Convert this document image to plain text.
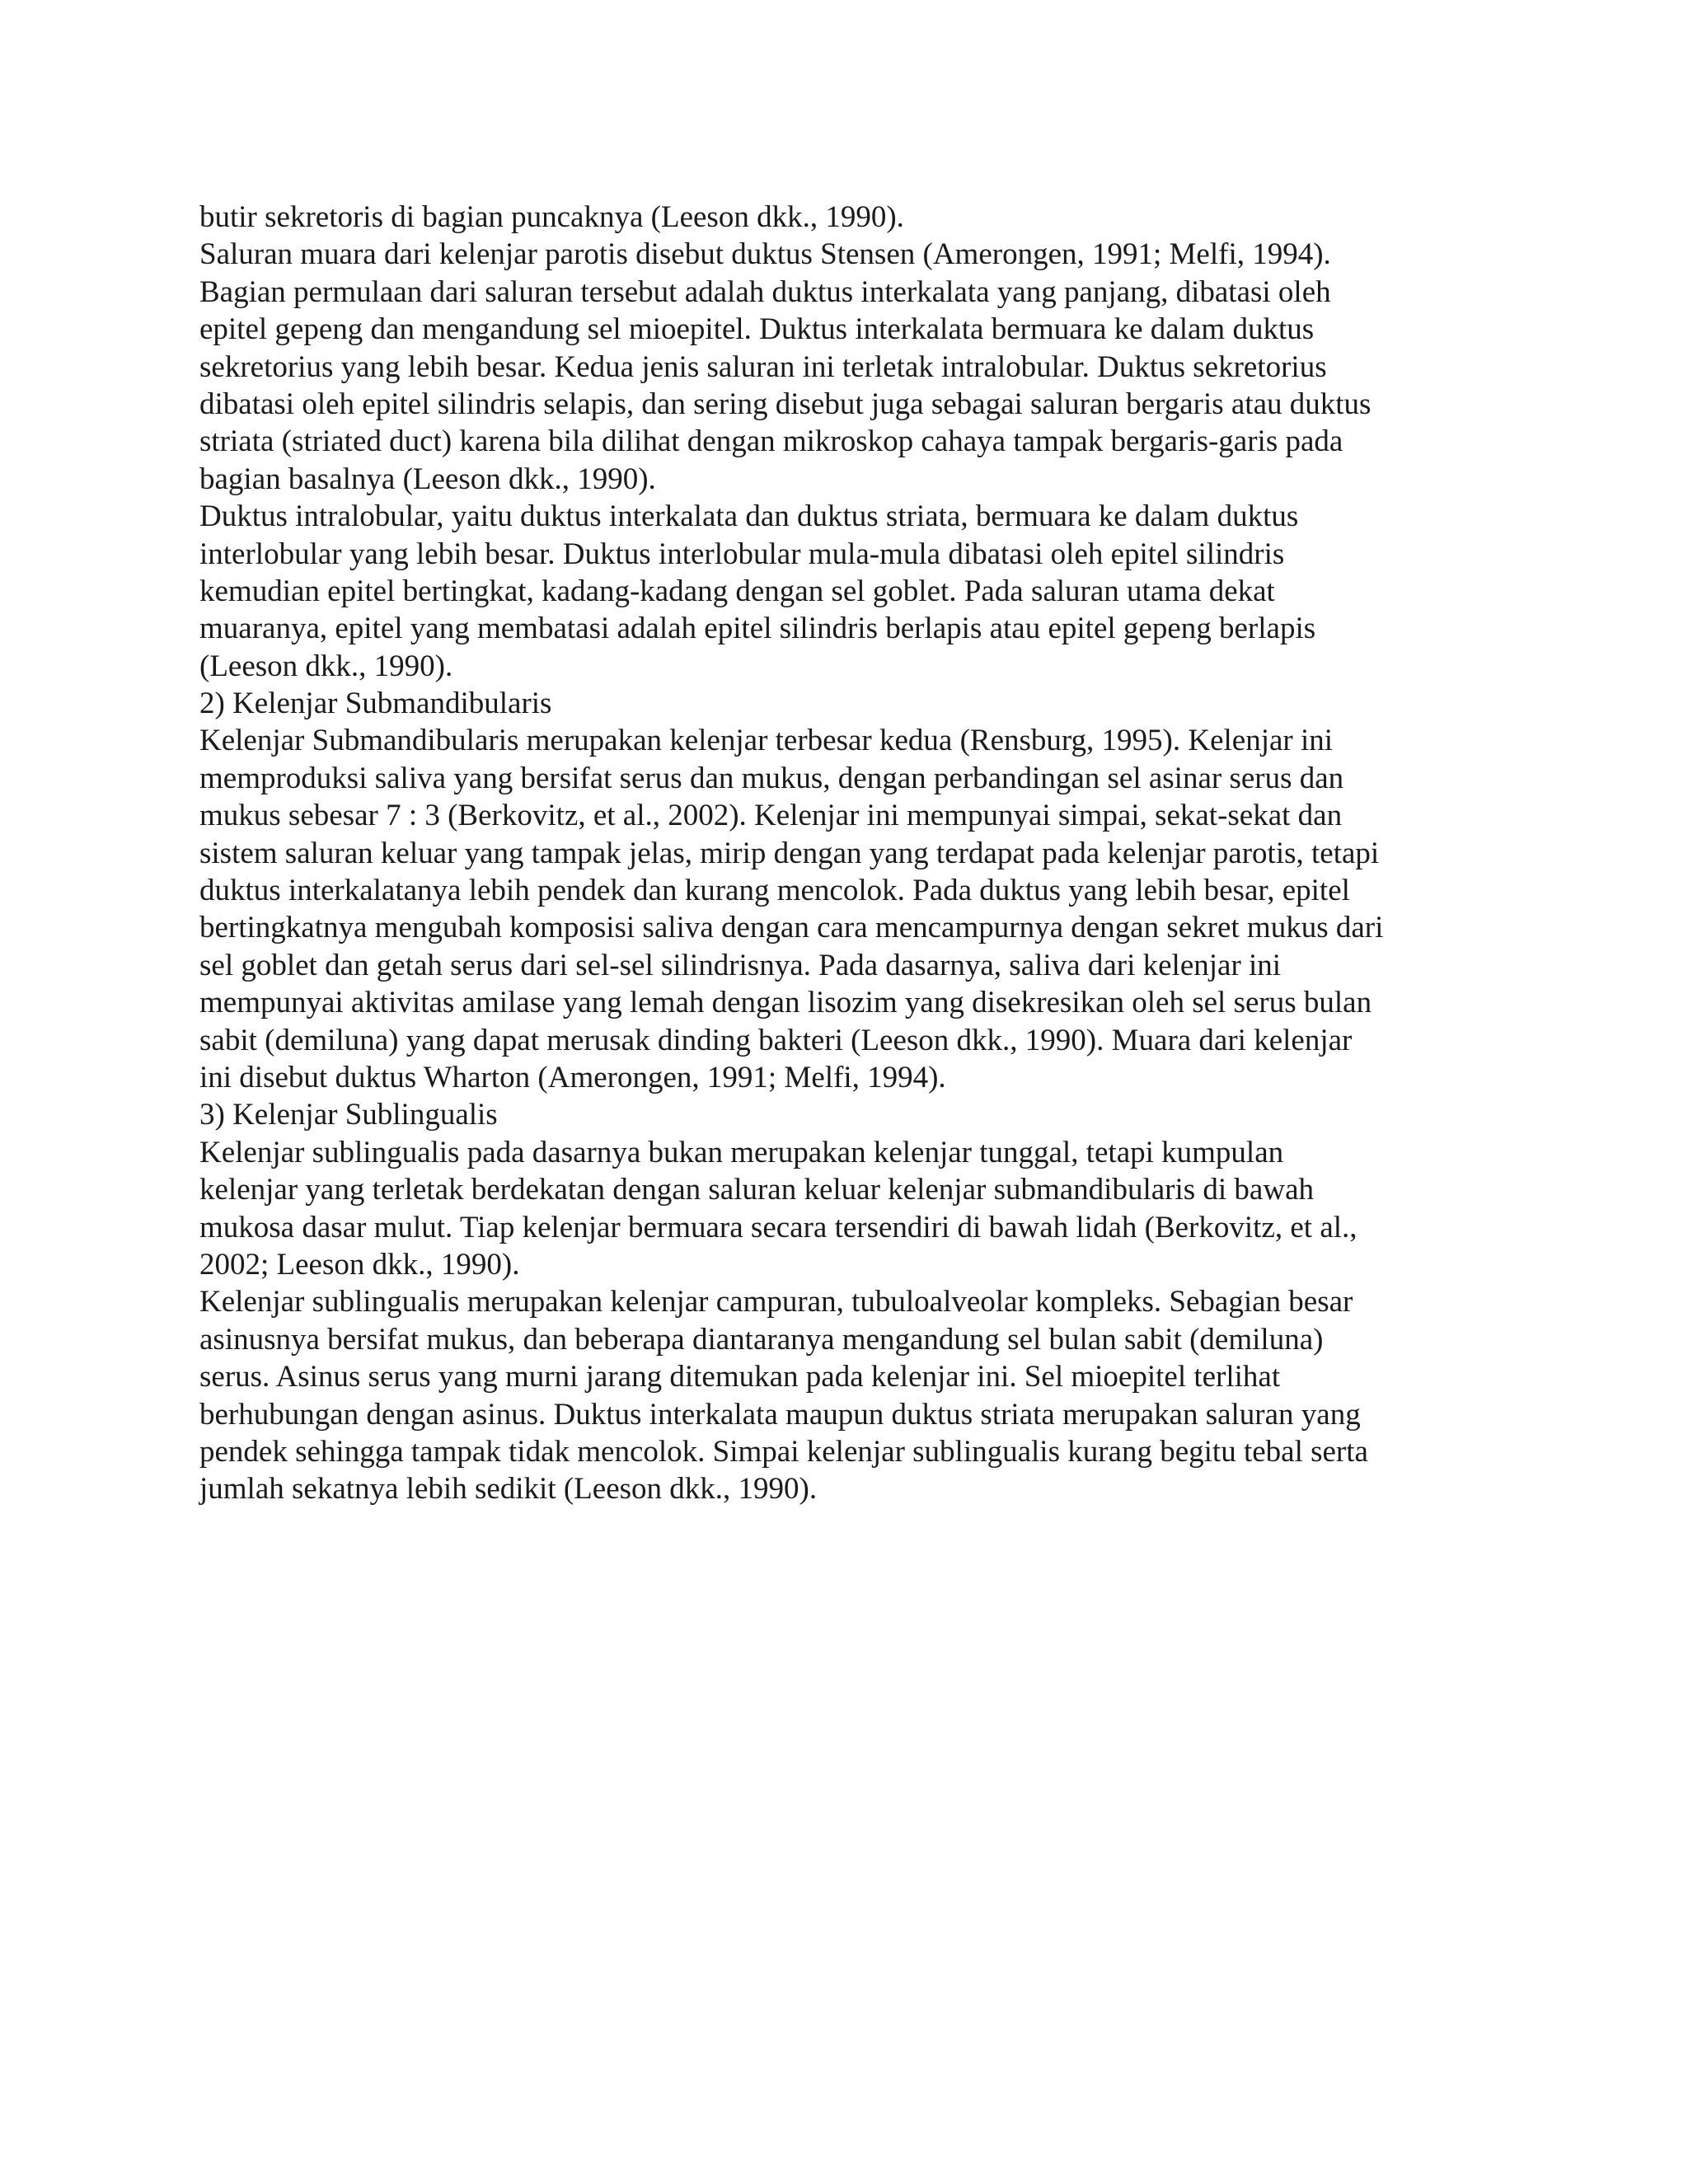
butir sekretoris di bagian puncaknya (Leeson dkk., 1990).
Saluran muara dari kelenjar parotis disebut duktus Stensen (Amerongen, 1991; Melfi, 1994).
Bagian permulaan dari saluran tersebut adalah duktus interkalata yang panjang, dibatasi oleh
epitel gepeng dan mengandung sel mioepitel. Duktus interkalata bermuara ke dalam duktus
sekretorius yang lebih besar. Kedua jenis saluran ini terletak intralobular. Duktus sekretorius
dibatasi oleh epitel silindris selapis, dan sering disebut juga sebagai saluran bergaris atau duktus
striata (striated duct) karena bila dilihat dengan mikroskop cahaya tampak bergaris-garis pada
bagian basalnya (Leeson dkk., 1990).
Duktus intralobular, yaitu duktus interkalata dan duktus striata, bermuara ke dalam duktus
interlobular yang lebih besar. Duktus interlobular mula-mula dibatasi oleh epitel silindris
kemudian epitel bertingkat, kadang-kadang dengan sel goblet. Pada saluran utama dekat
muaranya, epitel yang membatasi adalah epitel silindris berlapis atau epitel gepeng berlapis
(Leeson dkk., 1990).
2) Kelenjar Submandibularis
Kelenjar Submandibularis merupakan kelenjar terbesar kedua (Rensburg, 1995). Kelenjar ini
memproduksi saliva yang bersifat serus dan mukus, dengan perbandingan sel asinar serus dan
mukus sebesar 7 : 3 (Berkovitz, et al., 2002). Kelenjar ini mempunyai simpai, sekat-sekat dan
sistem saluran keluar yang tampak jelas, mirip dengan yang terdapat pada kelenjar parotis, tetapi
duktus interkalatanya lebih pendek dan kurang mencolok. Pada duktus yang lebih besar, epitel
bertingkatnya mengubah komposisi saliva dengan cara mencampurnya dengan sekret mukus dari
sel goblet dan getah serus dari sel-sel silindrisnya. Pada dasarnya, saliva dari kelenjar ini
mempunyai aktivitas amilase yang lemah dengan lisozim yang disekresikan oleh sel serus bulan
sabit (demiluna) yang dapat merusak dinding bakteri (Leeson dkk., 1990). Muara dari kelenjar
ini disebut duktus Wharton (Amerongen, 1991; Melfi, 1994).
3) Kelenjar Sublingualis
Kelenjar sublingualis pada dasarnya bukan merupakan kelenjar tunggal, tetapi kumpulan
kelenjar yang terletak berdekatan dengan saluran keluar kelenjar submandibularis di bawah
mukosa dasar mulut. Tiap kelenjar bermuara secara tersendiri di bawah lidah (Berkovitz, et al.,
2002; Leeson dkk., 1990).
Kelenjar sublingualis merupakan kelenjar campuran, tubuloalveolar kompleks. Sebagian besar
asinusnya bersifat mukus, dan beberapa diantaranya mengandung sel bulan sabit (demiluna)
serus. Asinus serus yang murni jarang ditemukan pada kelenjar ini. Sel mioepitel terlihat
berhubungan dengan asinus. Duktus interkalata maupun duktus striata merupakan saluran yang
pendek sehingga tampak tidak mencolok. Simpai kelenjar sublingualis kurang begitu tebal serta
jumlah sekatnya lebih sedikit (Leeson dkk., 1990).
